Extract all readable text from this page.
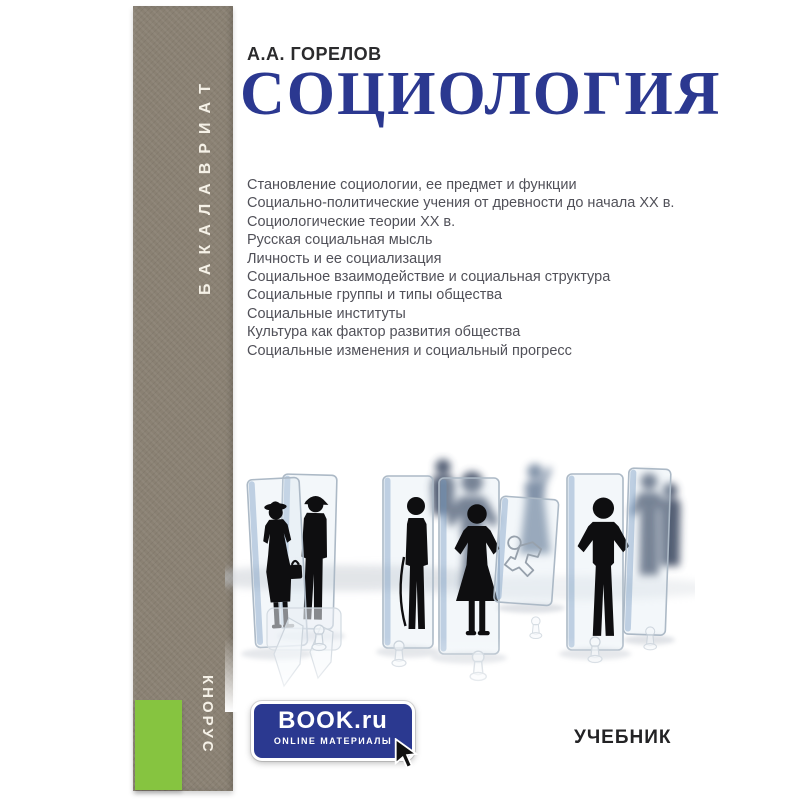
БАКАЛАВРИАТ
КНОРУС
А.А. ГОРЕЛОВ
СОЦИОЛОГИЯ
Становление социологии, ее предмет и функции
Социально-политические учения от древности до начала XX в.
Социологические теории XX в.
Русская социальная мысль
Личность и ее социализация
Социальное взаимодействие и социальная структура
Социальные группы и типы общества
Социальные институты
Культура как фактор развития общества
Социальные изменения и социальный прогресс
BOOK.ru
ONLINE МАТЕРИАЛЫ	УЧЕБНИК
